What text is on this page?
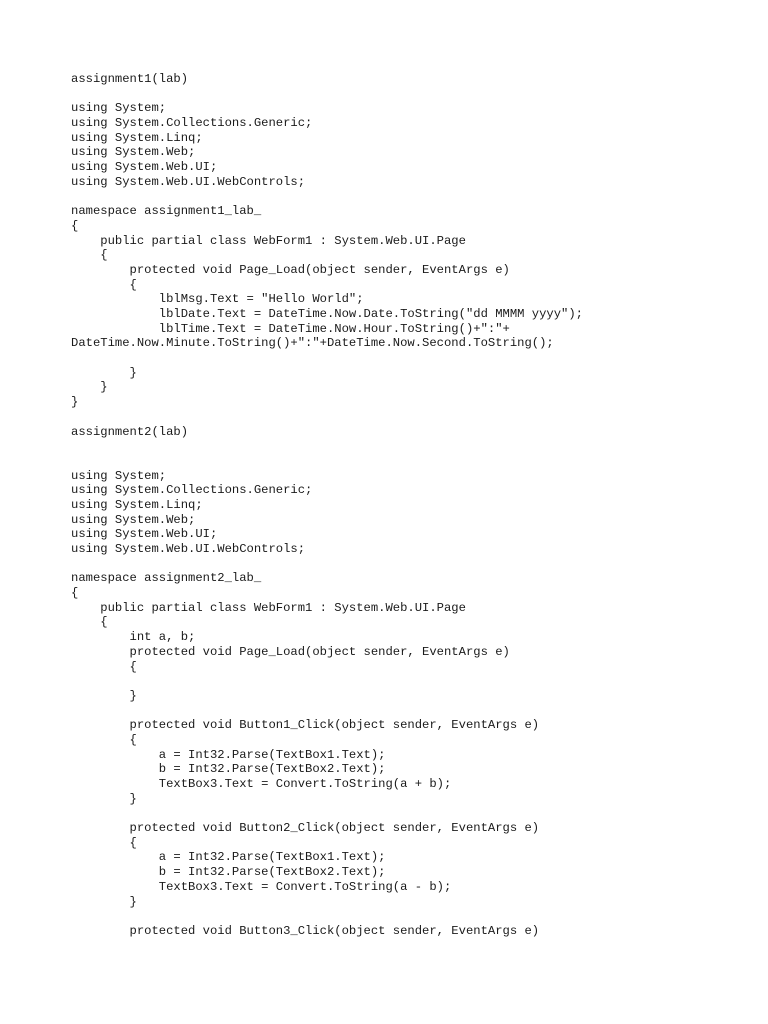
assignment1(lab)
using System;
using System.Collections.Generic;
using System.Linq;
using System.Web;
using System.Web.UI;
using System.Web.UI.WebControls;
namespace assignment1_lab_
{
public partial class WebForm1 : System.Web.UI.Page
{
protected void Page_Load(object sender, EventArgs e)
{
lblMsg.Text = "Hello World";
lblDate.Text = DateTime.Now.Date.ToString("dd MMMM yyyy");
lblTime.Text = DateTime.Now.Hour.ToString()+":"+
DateTime.Now.Minute.ToString()+":"+DateTime.Now.Second.ToString();
}
}
}
assignment2(lab)
using System;
using System.Collections.Generic;
using System.Linq;
using System.Web;
using System.Web.UI;
using System.Web.UI.WebControls;
namespace assignment2_lab_
{
public partial class WebForm1 : System.Web.UI.Page
{
int a, b;
protected void Page_Load(object sender, EventArgs e)
{
}
protected void Button1_Click(object sender, EventArgs e)
{
a = Int32.Parse(TextBox1.Text);
b = Int32.Parse(TextBox2.Text);
TextBox3.Text = Convert.ToString(a + b);
}
protected void Button2_Click(object sender, EventArgs e)
{
a = Int32.Parse(TextBox1.Text);
b = Int32.Parse(TextBox2.Text);
TextBox3.Text = Convert.ToString(a - b);
}
protected void Button3_Click(object sender, EventArgs e)
